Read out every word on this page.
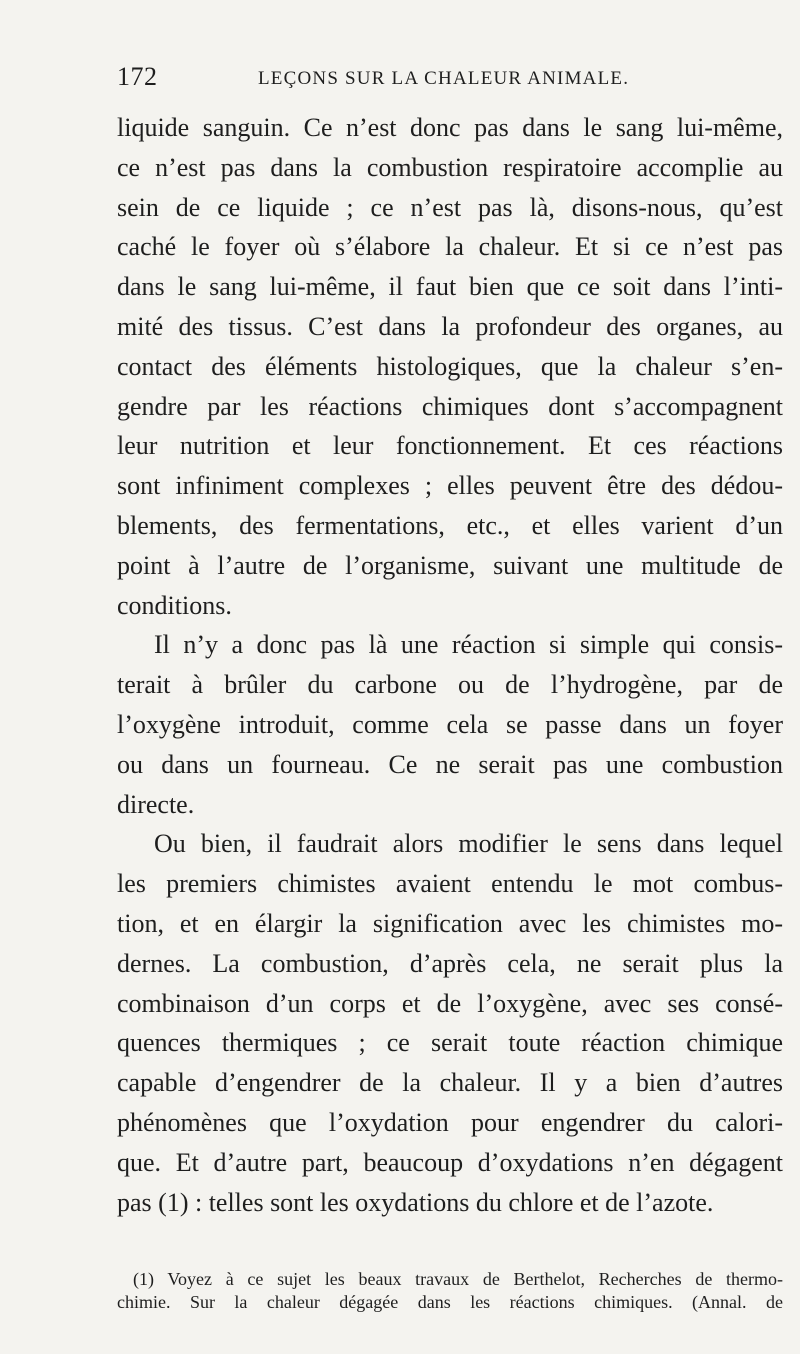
172	LEÇONS SUR LA CHALEUR ANIMALE.
liquide sanguin. Ce n’est donc pas dans le sang lui-même,
ce n’est pas dans la combustion respiratoire accomplie au
sein de ce liquide ; ce n’est pas là, disons-nous, qu’est
caché le foyer où s’élabore la chaleur. Et si ce n’est pas
dans le sang lui-même, il faut bien que ce soit dans l’inti-
mité des tissus. C’est dans la profondeur des organes, au
contact des éléments histologiques, que la chaleur s’en-
gendre par les réactions chimiques dont s’accompagnent
leur nutrition et leur fonctionnement. Et ces réactions
sont infiniment complexes ; elles peuvent être des dédou-
blements, des fermentations, etc., et elles varient d’un
point à l’autre de l’organisme, suivant une multitude de
conditions.
Il n’y a donc pas là une réaction si simple qui consis-
terait à brûler du carbone ou de l’hydrogène, par de
l’oxygène introduit, comme cela se passe dans un foyer
ou dans un fourneau. Ce ne serait pas une combustion
directe.
Ou bien, il faudrait alors modifier le sens dans lequel
les premiers chimistes avaient entendu le mot combus-
tion, et en élargir la signification avec les chimistes mo-
dernes. La combustion, d’après cela, ne serait plus la
combinaison d’un corps et de l’oxygène, avec ses consé-
quences thermiques ; ce serait toute réaction chimique
capable d’engendrer de la chaleur. Il y a bien d’autres
phénomènes que l’oxydation pour engendrer du calori-
que. Et d’autre part, beaucoup d’oxydations n’en dégagent
pas (1) : telles sont les oxydations du chlore et de l’azote.
(1) Voyez à ce sujet les beaux travaux de Berthelot, Recherches de thermo-
chimie. Sur la chaleur dégagée dans les réactions chimiques. (Annal. de
